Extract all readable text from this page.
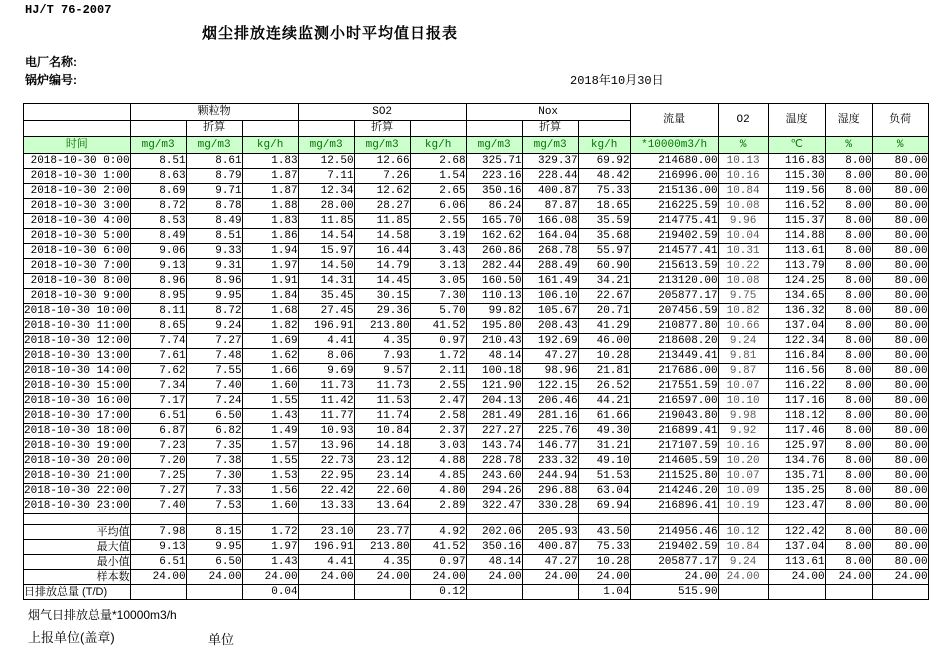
HJ/T 76-2007
烟尘排放连续监测小时平均值日报表
电厂名称:
锅炉编号:	2018年10月30日
	颗粒物			SO2			Nox			流量	O2	温度	湿度	负荷
		折算			折算			折算						
时间	mg/m3	mg/m3	kg/h	mg/m3	mg/m3	kg/h	mg/m3	mg/m3	kg/h	*10000m3/h	%	℃	%	%
2018-10-30 0:00	8.51	8.61	1.83	12.50	12.66	2.68	325.71	329.37	69.92	214680.00	10.13	116.83	8.00	80.00
2018-10-30 1:00	8.63	8.79	1.87	7.11	7.26	1.54	223.16	228.44	48.42	216996.00	10.16	115.30	8.00	80.00
2018-10-30 2:00	8.69	9.71	1.87	12.34	12.62	2.65	350.16	400.87	75.33	215136.00	10.84	119.56	8.00	80.00
2018-10-30 3:00	8.72	8.78	1.88	28.00	28.27	6.06	86.24	87.87	18.65	216225.59	10.08	116.52	8.00	80.00
2018-10-30 4:00	8.53	8.49	1.83	11.85	11.85	2.55	165.70	166.08	35.59	214775.41	9.96	115.37	8.00	80.00
2018-10-30 5:00	8.49	8.51	1.86	14.54	14.58	3.19	162.62	164.04	35.68	219402.59	10.04	114.88	8.00	80.00
2018-10-30 6:00	9.06	9.33	1.94	15.97	16.44	3.43	260.86	268.78	55.97	214577.41	10.31	113.61	8.00	80.00
2018-10-30 7:00	9.13	9.31	1.97	14.50	14.79	3.13	282.44	288.49	60.90	215613.59	10.22	113.79	8.00	80.00
2018-10-30 8:00	8.96	8.96	1.91	14.31	14.45	3.05	160.50	161.49	34.21	213120.00	10.08	124.25	8.00	80.00
2018-10-30 9:00	8.95	9.95	1.84	35.45	30.15	7.30	110.13	106.10	22.67	205877.17	9.75	134.65	8.00	80.00
2018-10-30 10:00	8.11	8.72	1.68	27.45	29.36	5.70	99.82	105.67	20.71	207456.59	10.82	136.32	8.00	80.00
2018-10-30 11:00	8.65	9.24	1.82	196.91	213.80	41.52	195.80	208.43	41.29	210877.80	10.66	137.04	8.00	80.00
2018-10-30 12:00	7.74	7.27	1.69	4.41	4.35	0.97	210.43	192.69	46.00	218608.20	9.24	122.34	8.00	80.00
2018-10-30 13:00	7.61	7.48	1.62	8.06	7.93	1.72	48.14	47.27	10.28	213449.41	9.81	116.84	8.00	80.00
2018-10-30 14:00	7.62	7.55	1.66	9.69	9.57	2.11	100.18	98.96	21.81	217686.00	9.87	116.56	8.00	80.00
2018-10-30 15:00	7.34	7.40	1.60	11.73	11.73	2.55	121.90	122.15	26.52	217551.59	10.07	116.22	8.00	80.00
2018-10-30 16:00	7.17	7.24	1.55	11.42	11.53	2.47	204.13	206.46	44.21	216597.00	10.10	117.16	8.00	80.00
2018-10-30 17:00	6.51	6.50	1.43	11.77	11.74	2.58	281.49	281.16	61.66	219043.80	9.98	118.12	8.00	80.00
2018-10-30 18:00	6.87	6.82	1.49	10.93	10.84	2.37	227.27	225.76	49.30	216899.41	9.92	117.46	8.00	80.00
2018-10-30 19:00	7.23	7.35	1.57	13.96	14.18	3.03	143.74	146.77	31.21	217107.59	10.16	125.97	8.00	80.00
2018-10-30 20:00	7.20	7.38	1.55	22.73	23.12	4.88	228.78	233.32	49.10	214605.59	10.20	134.76	8.00	80.00
2018-10-30 21:00	7.25	7.30	1.53	22.95	23.14	4.85	243.60	244.94	51.53	211525.80	10.07	135.71	8.00	80.00
2018-10-30 22:00	7.27	7.33	1.56	22.42	22.60	4.80	294.26	296.88	63.04	214246.20	10.09	135.25	8.00	80.00
2018-10-30 23:00	7.40	7.53	1.60	13.33	13.64	2.89	322.47	330.28	69.94	216896.41	10.19	123.47	8.00	80.00

平均值	7.98	8.15	1.72	23.10	23.77	4.92	202.06	205.93	43.50	214956.46	10.12	122.42	8.00	80.00
最大值	9.13	9.95	1.97	196.91	213.80	41.52	350.16	400.87	75.33	219402.59	10.84	137.04	8.00	80.00
最小值	6.51	6.50	1.43	4.41	4.35	0.97	48.14	47.27	10.28	205877.17	9.24	113.61	8.00	80.00
样本数	24.00	24.00	24.00	24.00	24.00	24.00	24.00	24.00	24.00	24.00	24.00	24.00	24.00	24.00
日排放总量 (T/D)			0.04			0.12			1.04	515.90				
烟气日排放总量*10000m3/h
上报单位(盖章)	单位
